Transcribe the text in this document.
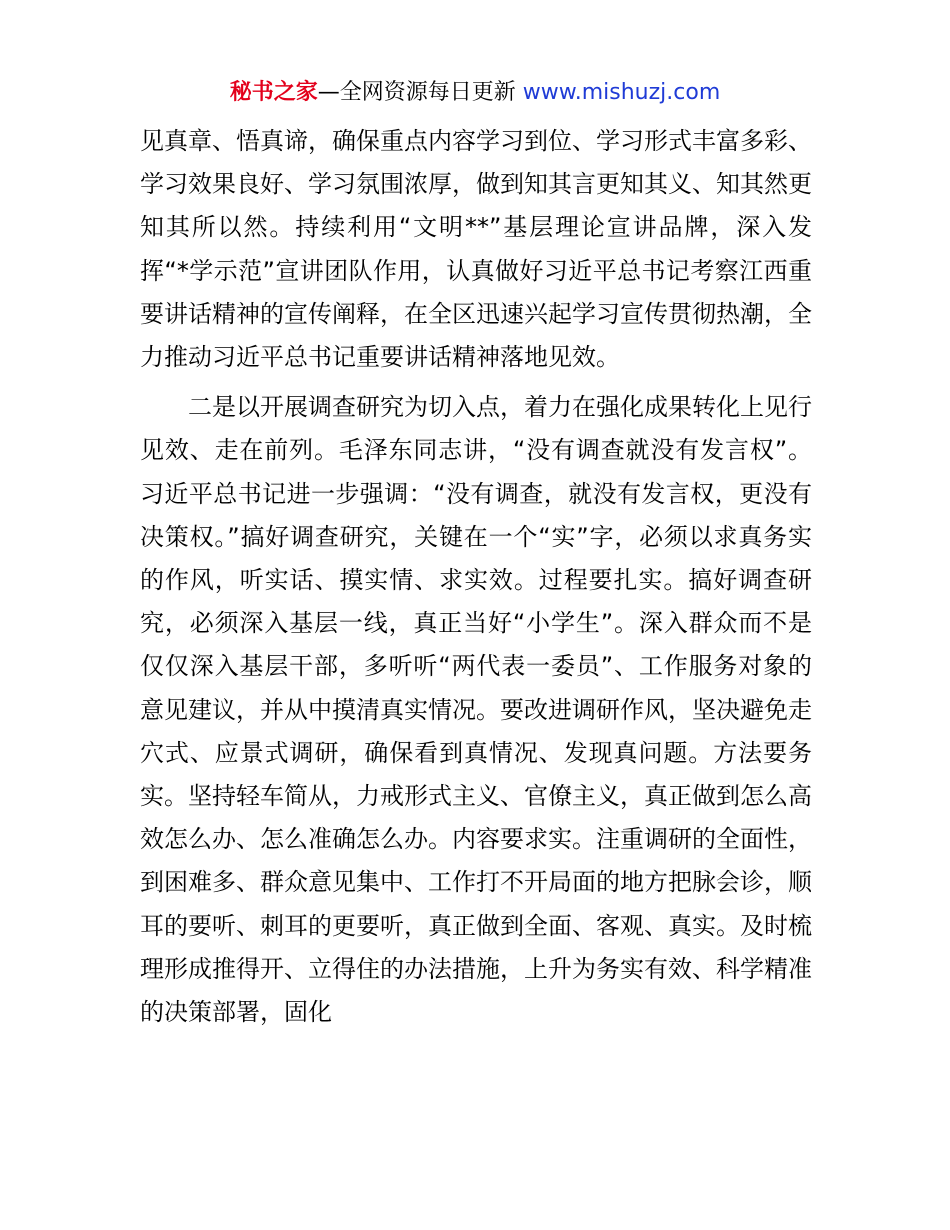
秘书之家—全网资源每日更新 www.mishuzj.com

见真章、悟真谛，确保重点内容学习到位、学习形式丰富多彩、学习效果良好、学习氛围浓厚，做到知其言更知其义、知其然更知其所以然。持续利用“文明**”基层理论宣讲品牌，深入发挥“*学示范”宣讲团队作用，认真做好习近平总书记考察江西重要讲话精神的宣传阐释，在全区迅速兴起学习宣传贯彻热潮，全力推动习近平总书记重要讲话精神落地见效。

二是以开展调查研究为切入点，着力在强化成果转化上见行见效、走在前列。毛泽东同志讲，“没有调查就没有发言权”。习近平总书记进一步强调：“没有调查，就没有发言权，更没有决策权。”搞好调查研究，关键在一个“实”字，必须以求真务实的作风，听实话、摸实情、求实效。过程要扎实。搞好调查研究，必须深入基层一线，真正当好“小学生”。深入群众而不是仅仅深入基层干部，多听听“两代表一委员”、工作服务对象的意见建议，并从中摸清真实情况。要改进调研作风，坚决避免走穴式、应景式调研，确保看到真情况、发现真问题。方法要务实。坚持轻车简从，力戒形式主义、官僚主义，真正做到怎么高效怎么办、怎么准确怎么办。内容要求实。注重调研的全面性，到困难多、群众意见集中、工作打不开局面的地方把脉会诊，顺耳的要听、刺耳的更要听，真正做到全面、客观、真实。及时梳理形成推得开、立得住的办法措施，上升为务实有效、科学精准的决策部署，固化
